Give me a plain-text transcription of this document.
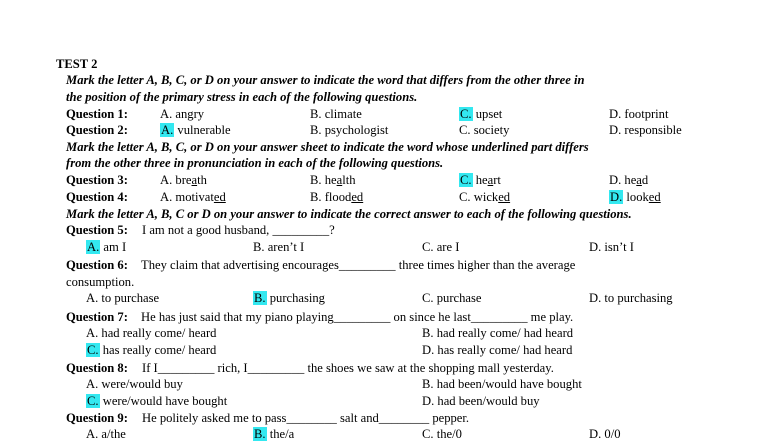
TEST 2
Mark the letter A, B, C, or D on your answer to indicate the word that differs from the other three in
the position of the primary stress in each of the following questions.
Question 1:	A. angry	B. climate	C. upset	D. footprint
Question 2:	A. vulnerable	B. psychologist	C. society	D. responsible
Mark the letter A, B, C, or D on your answer sheet to indicate the word whose underlined part differs
from the other three in pronunciation in each of the following questions.
Question 3:	A. breath	B. health	C. heart	D. head
Question 4:	A. motivated	B. flooded	C. wicked	D. looked
Mark the letter A, B, C or D on your answer to indicate the correct answer to each of the following questions.
Question 5: I am not a good husband, _________?
A. am I	B. aren’t I	C. are I	D. isn’t I
Question 6: They claim that advertising encourages_________ three times higher than the average
consumption.
A. to purchase	B. purchasing	C. purchase	D. to purchasing
Question 7: He has just said that my piano playing_________ on since he last_________ me play.
A. had really come/ heard	B. had really come/ had heard
C. has really come/ heard	D. has really come/ had heard
Question 8: If I_________ rich, I_________ the shoes we saw at the shopping mall yesterday.
A. were/would buy	B. had been/would have bought
C. were/would have bought	D. had been/would buy
Question 9: He politely asked me to pass________ salt and________ pepper.
A. a/the	B. the/a	C. the/0	D. 0/0
